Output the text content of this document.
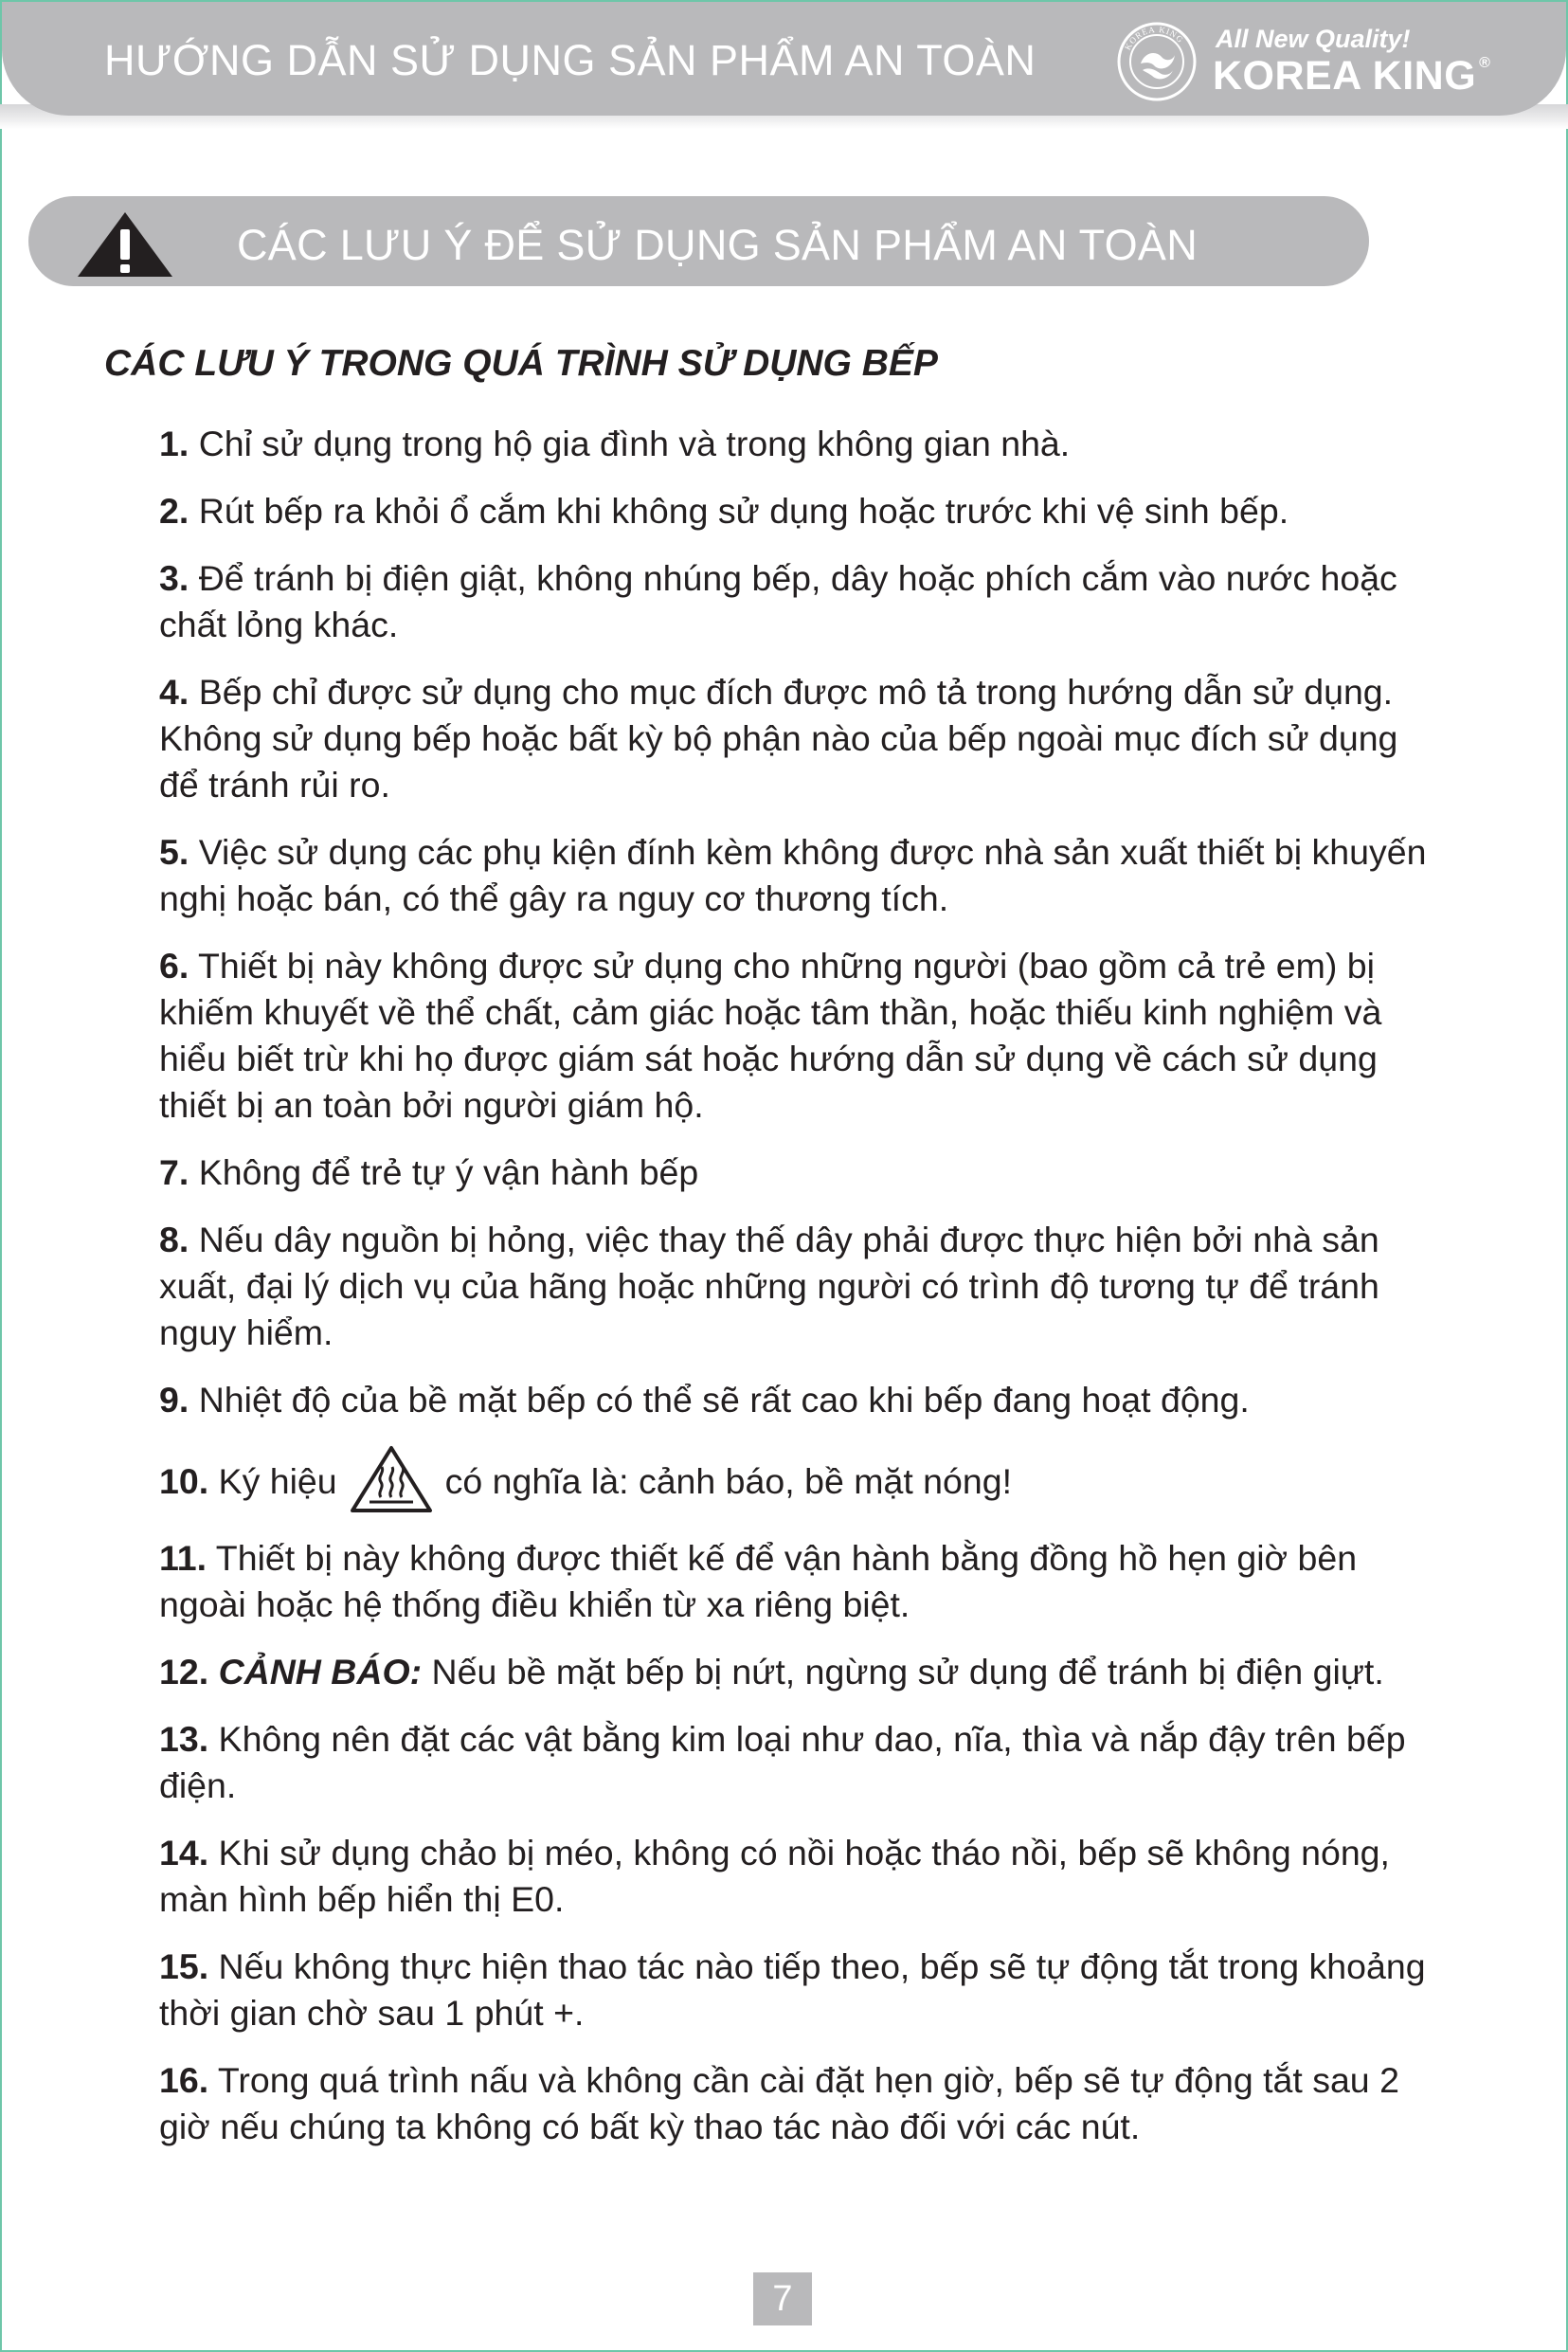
HƯỚNG DẪN SỬ DỤNG SẢN PHẨM AN TOÀN	KOREA KING All New Quality!
KOREA KING ®
CÁC LƯU Ý ĐỂ SỬ DỤNG SẢN PHẨM AN TOÀN
CÁC LƯU Ý TRONG QUÁ TRÌNH SỬ DỤNG BẾP
1. Chỉ sử dụng trong hộ gia đình và trong không gian nhà.
2. Rút bếp ra khỏi ổ cắm khi không sử dụng hoặc trước khi vệ sinh bếp.
3. Để tránh bị điện giật, không nhúng bếp, dây hoặc phích cắm vào nước hoặc chất lỏng khác.
4. Bếp chỉ được sử dụng cho mục đích được mô tả trong hướng dẫn sử dụng. Không sử dụng bếp hoặc bất kỳ bộ phận nào của bếp ngoài mục đích sử dụng để tránh rủi ro.
5. Việc sử dụng các phụ kiện đính kèm không được nhà sản xuất thiết bị khuyến nghị hoặc bán, có thể gây ra nguy cơ thương tích.
6. Thiết bị này không được sử dụng cho những người (bao gồm cả trẻ em) bị khiếm khuyết về thể chất, cảm giác hoặc tâm thần, hoặc thiếu kinh nghiệm và hiểu biết trừ khi họ được giám sát hoặc hướng dẫn sử dụng về cách sử dụng thiết bị an toàn bởi người giám hộ.
7. Không để trẻ tự ý vận hành bếp
8. Nếu dây nguồn bị hỏng, việc thay thế dây phải được thực hiện bởi nhà sản xuất, đại lý dịch vụ của hãng hoặc những người có trình độ tương tự để tránh nguy hiểm.
9. Nhiệt độ của bề mặt bếp có thể sẽ rất cao khi bếp đang hoạt động.
10. Ký hiệu	có nghĩa là: cảnh báo, bề mặt nóng!
11. Thiết bị này không được thiết kế để vận hành bằng đồng hồ hẹn giờ bên ngoài hoặc hệ thống điều khiển từ xa riêng biệt.
12. CẢNH BÁO: Nếu bề mặt bếp bị nứt, ngừng sử dụng để tránh bị điện giựt.
13. Không nên đặt các vật bằng kim loại như dao, nĩa, thìa và nắp đậy trên bếp điện.
14. Khi sử dụng chảo bị méo, không có nồi hoặc tháo nồi, bếp sẽ không nóng, màn hình bếp hiển thị E0.
15. Nếu không thực hiện thao tác nào tiếp theo, bếp sẽ tự động tắt trong khoảng thời gian chờ sau 1 phút +.
16. Trong quá trình nấu và không cần cài đặt hẹn giờ, bếp sẽ tự động tắt sau 2 giờ nếu chúng ta không có bất kỳ thao tác nào đối với các nút.
7
